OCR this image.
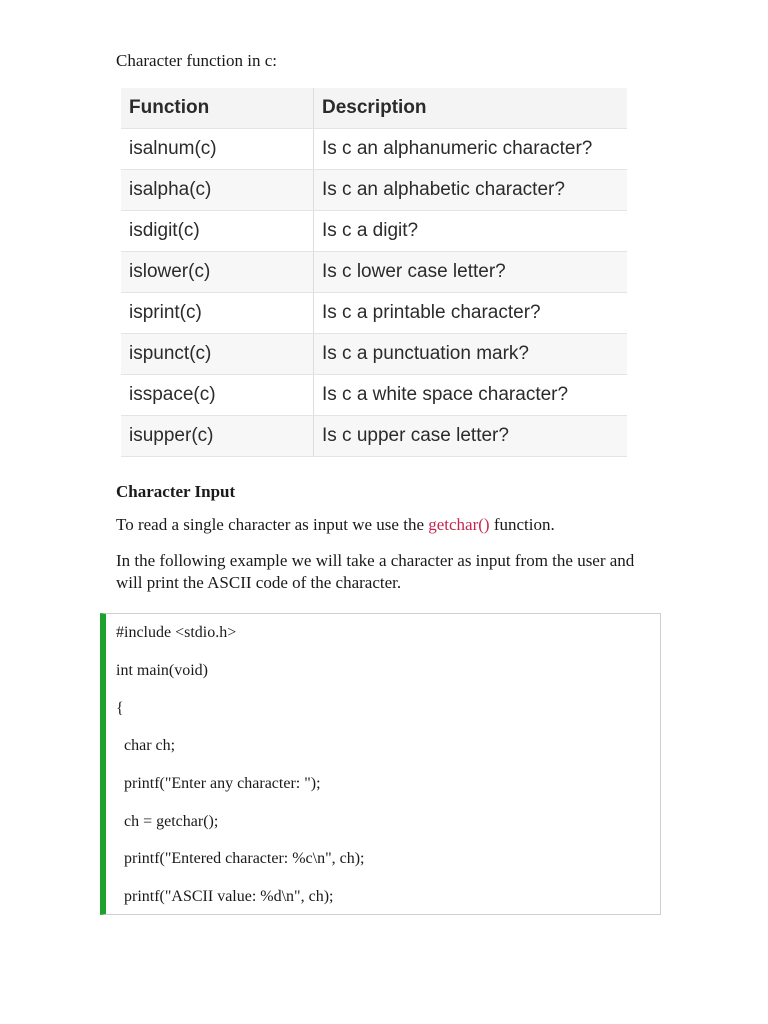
Character function in c:
Function	Description
isalnum(c)	Is c an alphanumeric character?
isalpha(c)	Is c an alphabetic character?
isdigit(c)	Is c a digit?
islower(c)	Is c lower case letter?
isprint(c)	Is c a printable character?
ispunct(c)	Is c a punctuation mark?
isspace(c)	Is c a white space character?
isupper(c)	Is c upper case letter?
Character Input
To read a single character as input we use the getchar() function.
In the following example we will take a character as input from the user and will print the ASCII code of the character.
#include <stdio.h>
int main(void)
{
char ch;
printf("Enter any character: ");
ch = getchar();
printf("Entered character: %c\n", ch);
printf("ASCII value: %d\n", ch);
